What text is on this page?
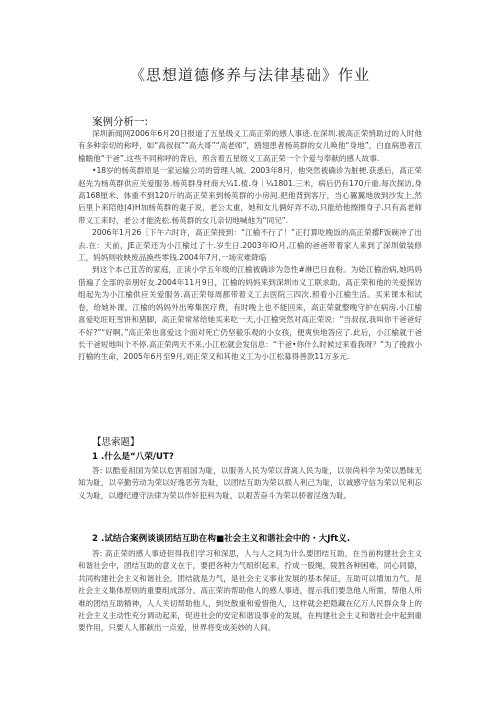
《思想道德修养与法律基础》作业
案例分析一:

深圳新闻网2006年6月20日报道了五星级义工高正荣的感人事迹.在深圳.被高正荣悄助过的人时他有多种亲切的称呼，如“高叔叔”“高大哥”“高老师”，鸥翅患者杨英群的女儿唤他“身地”，白血病患者江榆瞻他“干爸”.这些不同称呼的背后，煎含着五星级义工高正荣一个个爱与奉献的感人故事.

•18岁的杨英群原是一家运输公司的管理人城。2003年8月，他突然被确诊为脏梗.获悉后，高正荣赵先为杨英群供应关爱服务.杨英群身材商大¼1.植.身｜¼1801.三米，病后仍有170斤重.每次探访,身高168厘米、体重不到120斤的高正荣来到杨英群的小房间.把他背到客厅，当心翼翼地放到沙发上,然后里卜来陪他(4)H加杨英群的妻子说，老公太重，她和女儿俩好弄不动,只能给他擦擦身子.只有高老师带义工来时，老公才能洗松.杨英群的女儿亲切地喊他为“同兄”.

2006年1月26［下午六时许，高正荣接到：“江榆不行了！”正打算吃晚饭的高正荣撂F饭碗冲了出去.在：天前，JE正荣还为小江榆过了十.岁生日.2003年IO月,江榆的爸爸带着家人来到了深圳做装修工，妈妈则收映废品换些零钱.2004年7月,一场灾难降临

到这个本已苴苦的家庭，正读小学五年级的江榆被确诊为急性#淋巴日血粉。为始江榆治病,她吗妈借遍了全部的亲朋好友.2004年11月9日，江榆的妈妈来到深圳市义工联求助。高正荣和他的关爱探访组起先为小江榆供应关爱服务.高正荣每周都带着义工去医院三四次.照看小江榆生活。买来课本和试卷，给她补课。江榆的妈妈外出筹集医疗费，有时晚上也不能回来，高正荣就整晚守护在病房.小江榆喜爱吃旺旺雪饼和猪脚，高正荣常常给她买来吃一天,小江榆突然对高正荣说：“当叔叔,我叫你干爸爸好不好?”“好啊。”高正荣也喜爱这个面对死亡仍坚毅乐观的小女孩，便爽快地答应了.此后，小江榆就干爸长干爸短地叫个不停.高正荣两天不来,小江松就会发信息：“干爸•你什么时候过来看我呀？”为了挽救小打榆的生命，2005年6月至9月,刘正荣又和其他义工为小江松募得善款11万多元.

【思索题】
1 .什么是“八荣/UT?

答: 以酷爱祖国为荣以危害祖国为耻，以服务人民为荣以背离人民为耻，以崇尚科学为荣以愚昧无知为耻，以辛勤劳动为荣以好逸恶劳为耻，以团结互助为荣以损人利己为耻，以诚感守信为荣以见利忘义为耻，以遵纪遵守法律为荣以作奸犯科为耻，以艰苦奋斗为荣以骄奢淫逸为耻。

2 .试结合案例谈谈团结互助在构■社会主义和谐社会中的・大Jft义.

答: 高正荣的感人事迹但得我们学习和深思，人与人之间为什么要团结互助，在当前构建社会主义和谐社会中，团结互助的意义在于，要把各种力气组织起来，拧成一股绳，陵胜各种困难，同心同德，共同构建社会主义和谐社会，团结就是力气，是社会主义事业发展的基本保证，互助可以增加力气，是社会主义集体原则的重要组成部分。高正荣的帮助他人的感人事迹，提示我们要急他人所需，帮他人所难的团结互助精神，人人关切帮助他人，到处散重和爱惜他人，这样就会把隐藏在亿万人民群众身上的社会主义主动性充分调动起来，促进社会的安定和谐设事业的发展，在构建社会主义和谐社会中起到重要作用，只要人人都献出一点爱，世界将变成美妙的人间。
